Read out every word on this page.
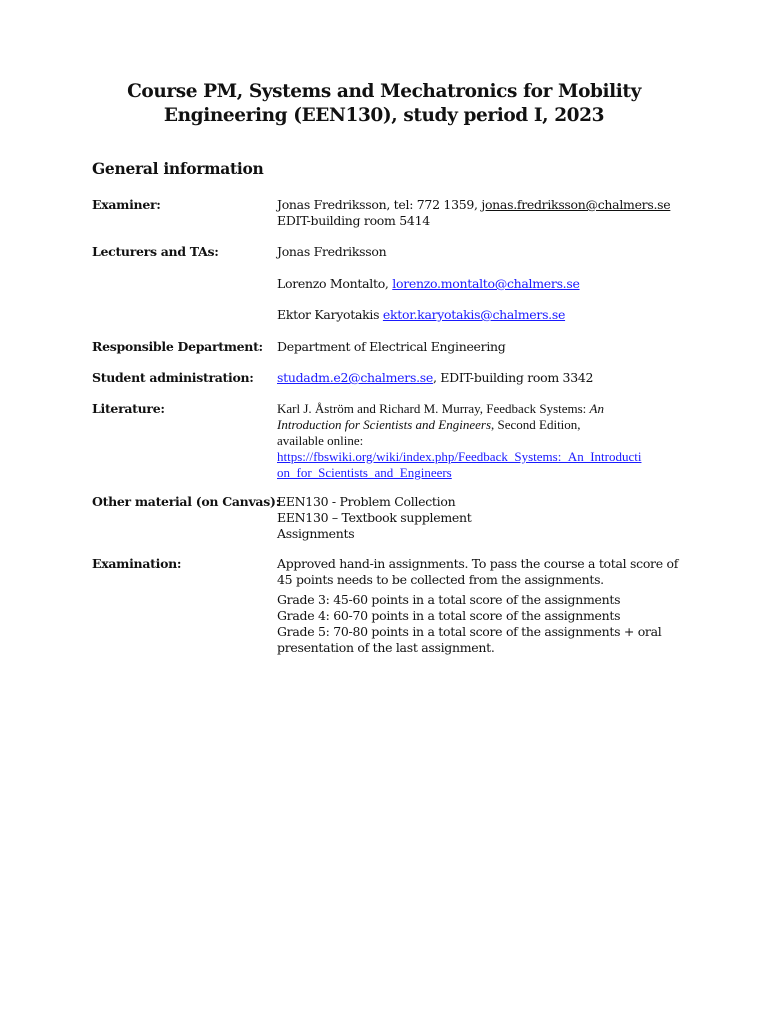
Course PM, Systems and Mechatronics for Mobility
Engineering (EEN130), study period I, 2023
General information
Examiner:	Jonas Fredriksson, tel: 772 1359, jonas.fredriksson@chalmers.se
EDIT-building room 5414
Lecturers and TAs:	Jonas Fredriksson
Lorenzo Montalto, lorenzo.montalto@chalmers.se
Ektor Karyotakis ektor.karyotakis@chalmers.se
Responsible Department:	Department of Electrical Engineering
Student administration:	studadm.e2@chalmers.se, EDIT-building room 3342
Literature:	Karl J. Åström and Richard M. Murray, Feedback Systems: An
Introduction for Scientists and Engineers, Second Edition,
available online:
https://fbswiki.org/wiki/index.php/Feedback_Systems:_An_Introducti
on_for_Scientists_and_Engineers
Other material (on Canvas):
EEN130 - Problem Collection
EEN130 – Textbook supplement
Assignments
Examination:	Approved hand-in assignments. To pass the course a total score of
45 points needs to be collected from the assignments.
Grade 3: 45-60 points in a total score of the assignments
Grade 4: 60-70 points in a total score of the assignments
Grade 5: 70-80 points in a total score of the assignments + oral
presentation of the last assignment.
